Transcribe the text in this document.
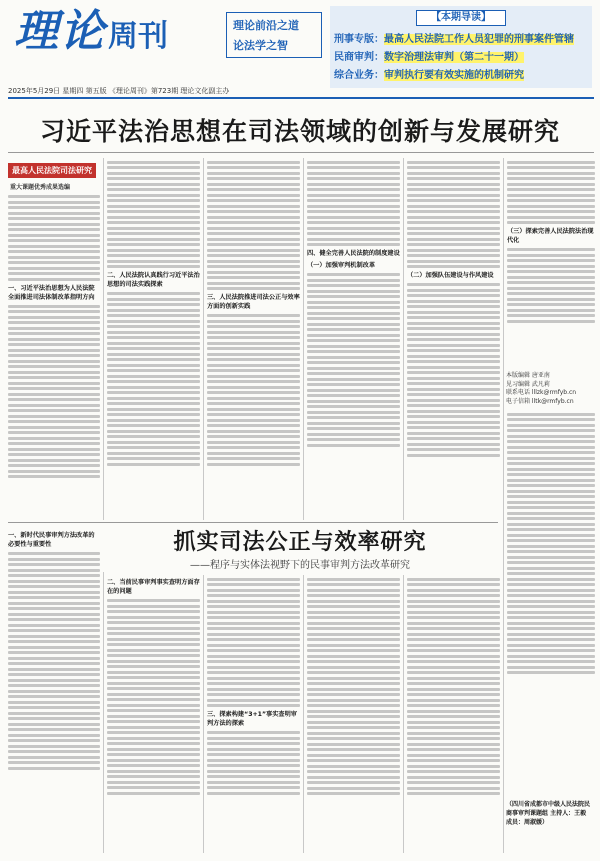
理论周刊	理论前沿之道
论法学之智
【本期导读】
刑事专版：最高人民法院工作人员犯罪的刑事案件管辖
民商审判：数字治理法审判（第二十一期）
综合业务：审判执行要有效实施的机制研究
2025年5月29日 星期四 第五版 《理论周刊》第723期 理论文化副主办
习近平法治思想在司法领域的创新与发展研究
最高人民法院司法研究
重大课题优秀成果选编
一、习近平法治思想为人民法院全面推进司法体制改革指明方向
二、人民法院认真践行习近平法治思想的司法实践探索
三、人民法院推进司法公正与效率方面的创新实践
四、健全完善人民法院的制度建设
（一）加强审判机制改革
（二）加强队伍建设与作风建设
（三）探索完善人民法院法治现代化
本版编辑 唐亚南
见习编辑 武凡莉
联系电话 lllzk@rmfyb.cn
电子信箱 lltk@rmfyb.cn
抓实司法公正与效率研究
——程序与实体法视野下的民事审判方法改革研究
一、新时代民事审判方法改革的必要性与重要性
二、当前民事审判事实查明方面存在的问题
三、探索构建“3+1”事实查明审判方法的探索
（四川省成都市中级人民法院民商事审判课题组 主持人：王毅 成员：周淑媛）
